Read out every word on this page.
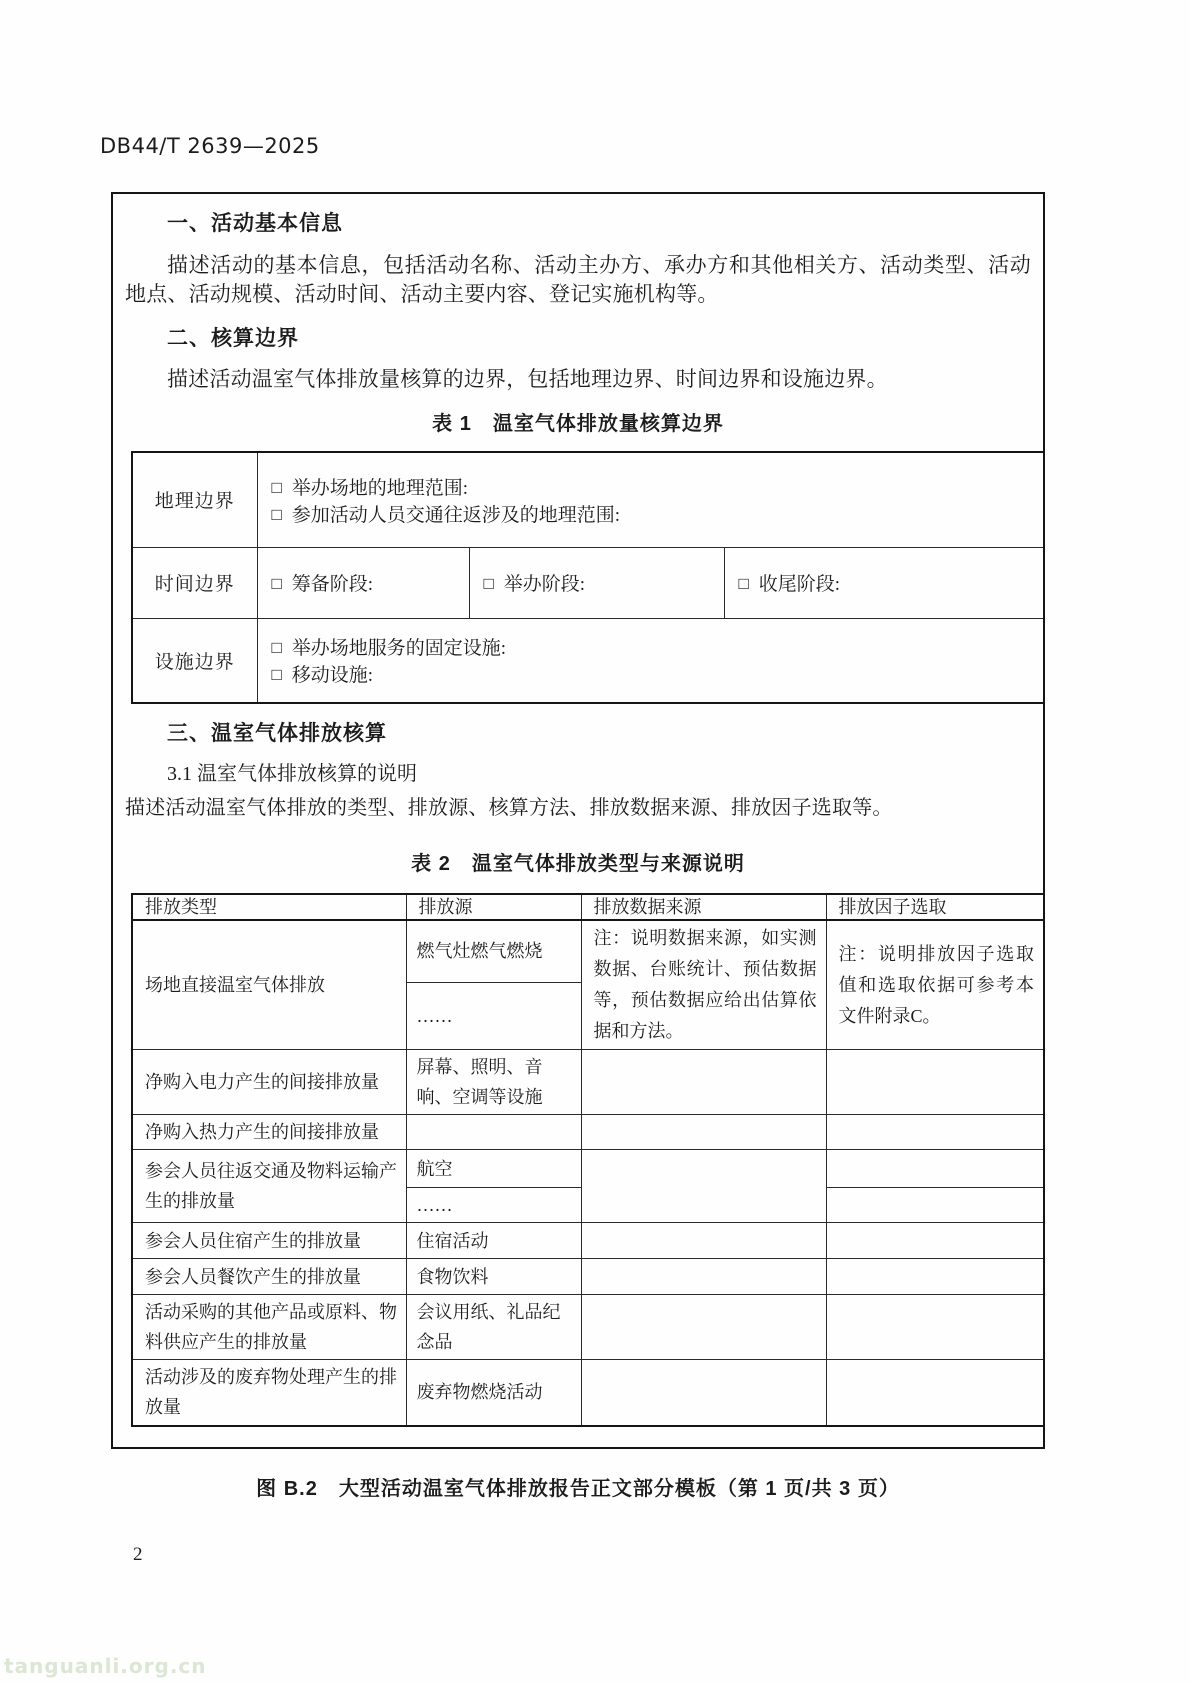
DB44/T 2639—2025
一、活动基本信息
描述活动的基本信息，包括活动名称、活动主办方、承办方和其他相关方、活动类型、活动地点、活动规模、活动时间、活动主要内容、登记实施机构等。
二、核算边界
描述活动温室气体排放量核算的边界，包括地理边界、时间边界和设施边界。
表 1　温室气体排放量核算边界
地理边界	□ 举办场地的地理范围:
□ 参加活动人员交通往返涉及的地理范围:		

时间边界	□ 筹备阶段:	□ 举办阶段:	□ 收尾阶段:

设施边界	□ 举办场地服务的固定设施:
□ 移动设施:		
三、温室气体排放核算
3.1 温室气体排放核算的说明
描述活动温室气体排放的类型、排放源、核算方法、排放数据来源、排放因子选取等。
表 2　温室气体排放类型与来源说明
排放类型	排放源	排放数据来源	排放因子选取
场地直接温室气体排放	燃气灶燃气燃烧	注：说明数据来源，如实测数据、台账统计、预估数据等，预估数据应给出估算依据和方法。	注：说明排放因子选取值和选取依据可参考本文件附录C。
	……		
净购入电力产生的间接排放量	屏幕、照明、音响、空调等设施		
净购入热力产生的间接排放量			
参会人员往返交通及物料运输产生的排放量	航空		
	……		
参会人员住宿产生的排放量	住宿活动		
参会人员餐饮产生的排放量	食物饮料		
活动采购的其他产品或原料、物料供应产生的排放量	会议用纸、礼品纪念品		
活动涉及的废弃物处理产生的排放量	废弃物燃烧活动		
图 B.2　大型活动温室气体排放报告正文部分模板（第 1 页/共 3 页）
2
tanguanli.org.cn
